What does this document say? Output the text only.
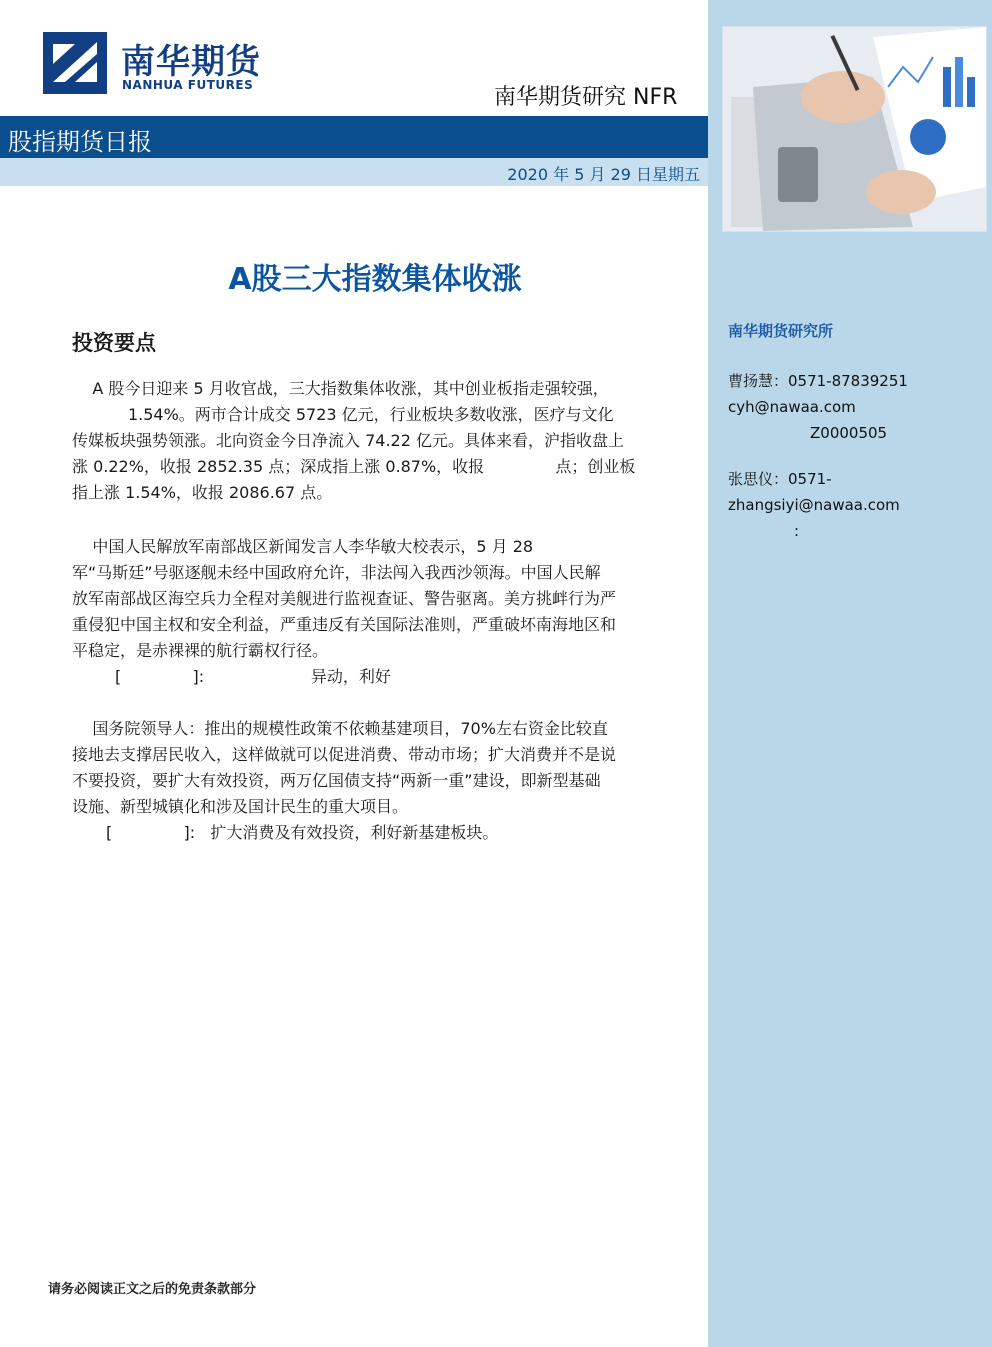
南华期货
NANHUA FUTURES	南华期货研究 NFR
股指期货日报
2020 年 5 月 29 日星期五
A股三大指数集体收涨
投资要点

A 股今日迎来 5 月收官战，三大指数集体收涨，其中创业板指走强较强，
1.54%。两市合计成交 5723 亿元，行业板块多数收涨，医疗与文化
传媒板块强势领涨。北向资金今日净流入 74.22 亿元。具体来看，沪指收盘上
涨 0.22%，收报 2852.35 点；深成指上涨 0.87%，收报              点；创业板
指上涨 1.54%，收报 2086.67 点。

中国人民解放军南部战区新闻发言人李华敏大校表示，5 月 28
军“马斯廷”号驱逐舰未经中国政府允许，非法闯入我西沙领海。中国人民解
放军南部战区海空兵力全程对美舰进行监视查证、警告驱离。美方挑衅行为严
重侵犯中国主权和安全利益，严重违反有关国际法准则，严重破坏南海地区和
平稳定，是赤裸裸的航行霸权行径。

[              ]:                     异动，利好

国务院领导人：推出的规模性政策不依赖基建项目，70%左右资金比较直
接地去支撑居民收入，这样做就可以促进消费、带动市场；扩大消费并不是说
不要投资，要扩大有效投资，两万亿国债支持“两新一重”建设，即新型基础
设施、新型城镇化和涉及国计民生的重大项目。

[              ]:   扩大消费及有效投资，利好新基建板块。
南华期货研究所
曹扬慧：0571-87839251
cyh@nawaa.com
Z0000505
张思仪：0571-
zhangsiyi@nawaa.com
:
请务必阅读正文之后的免责条款部分
